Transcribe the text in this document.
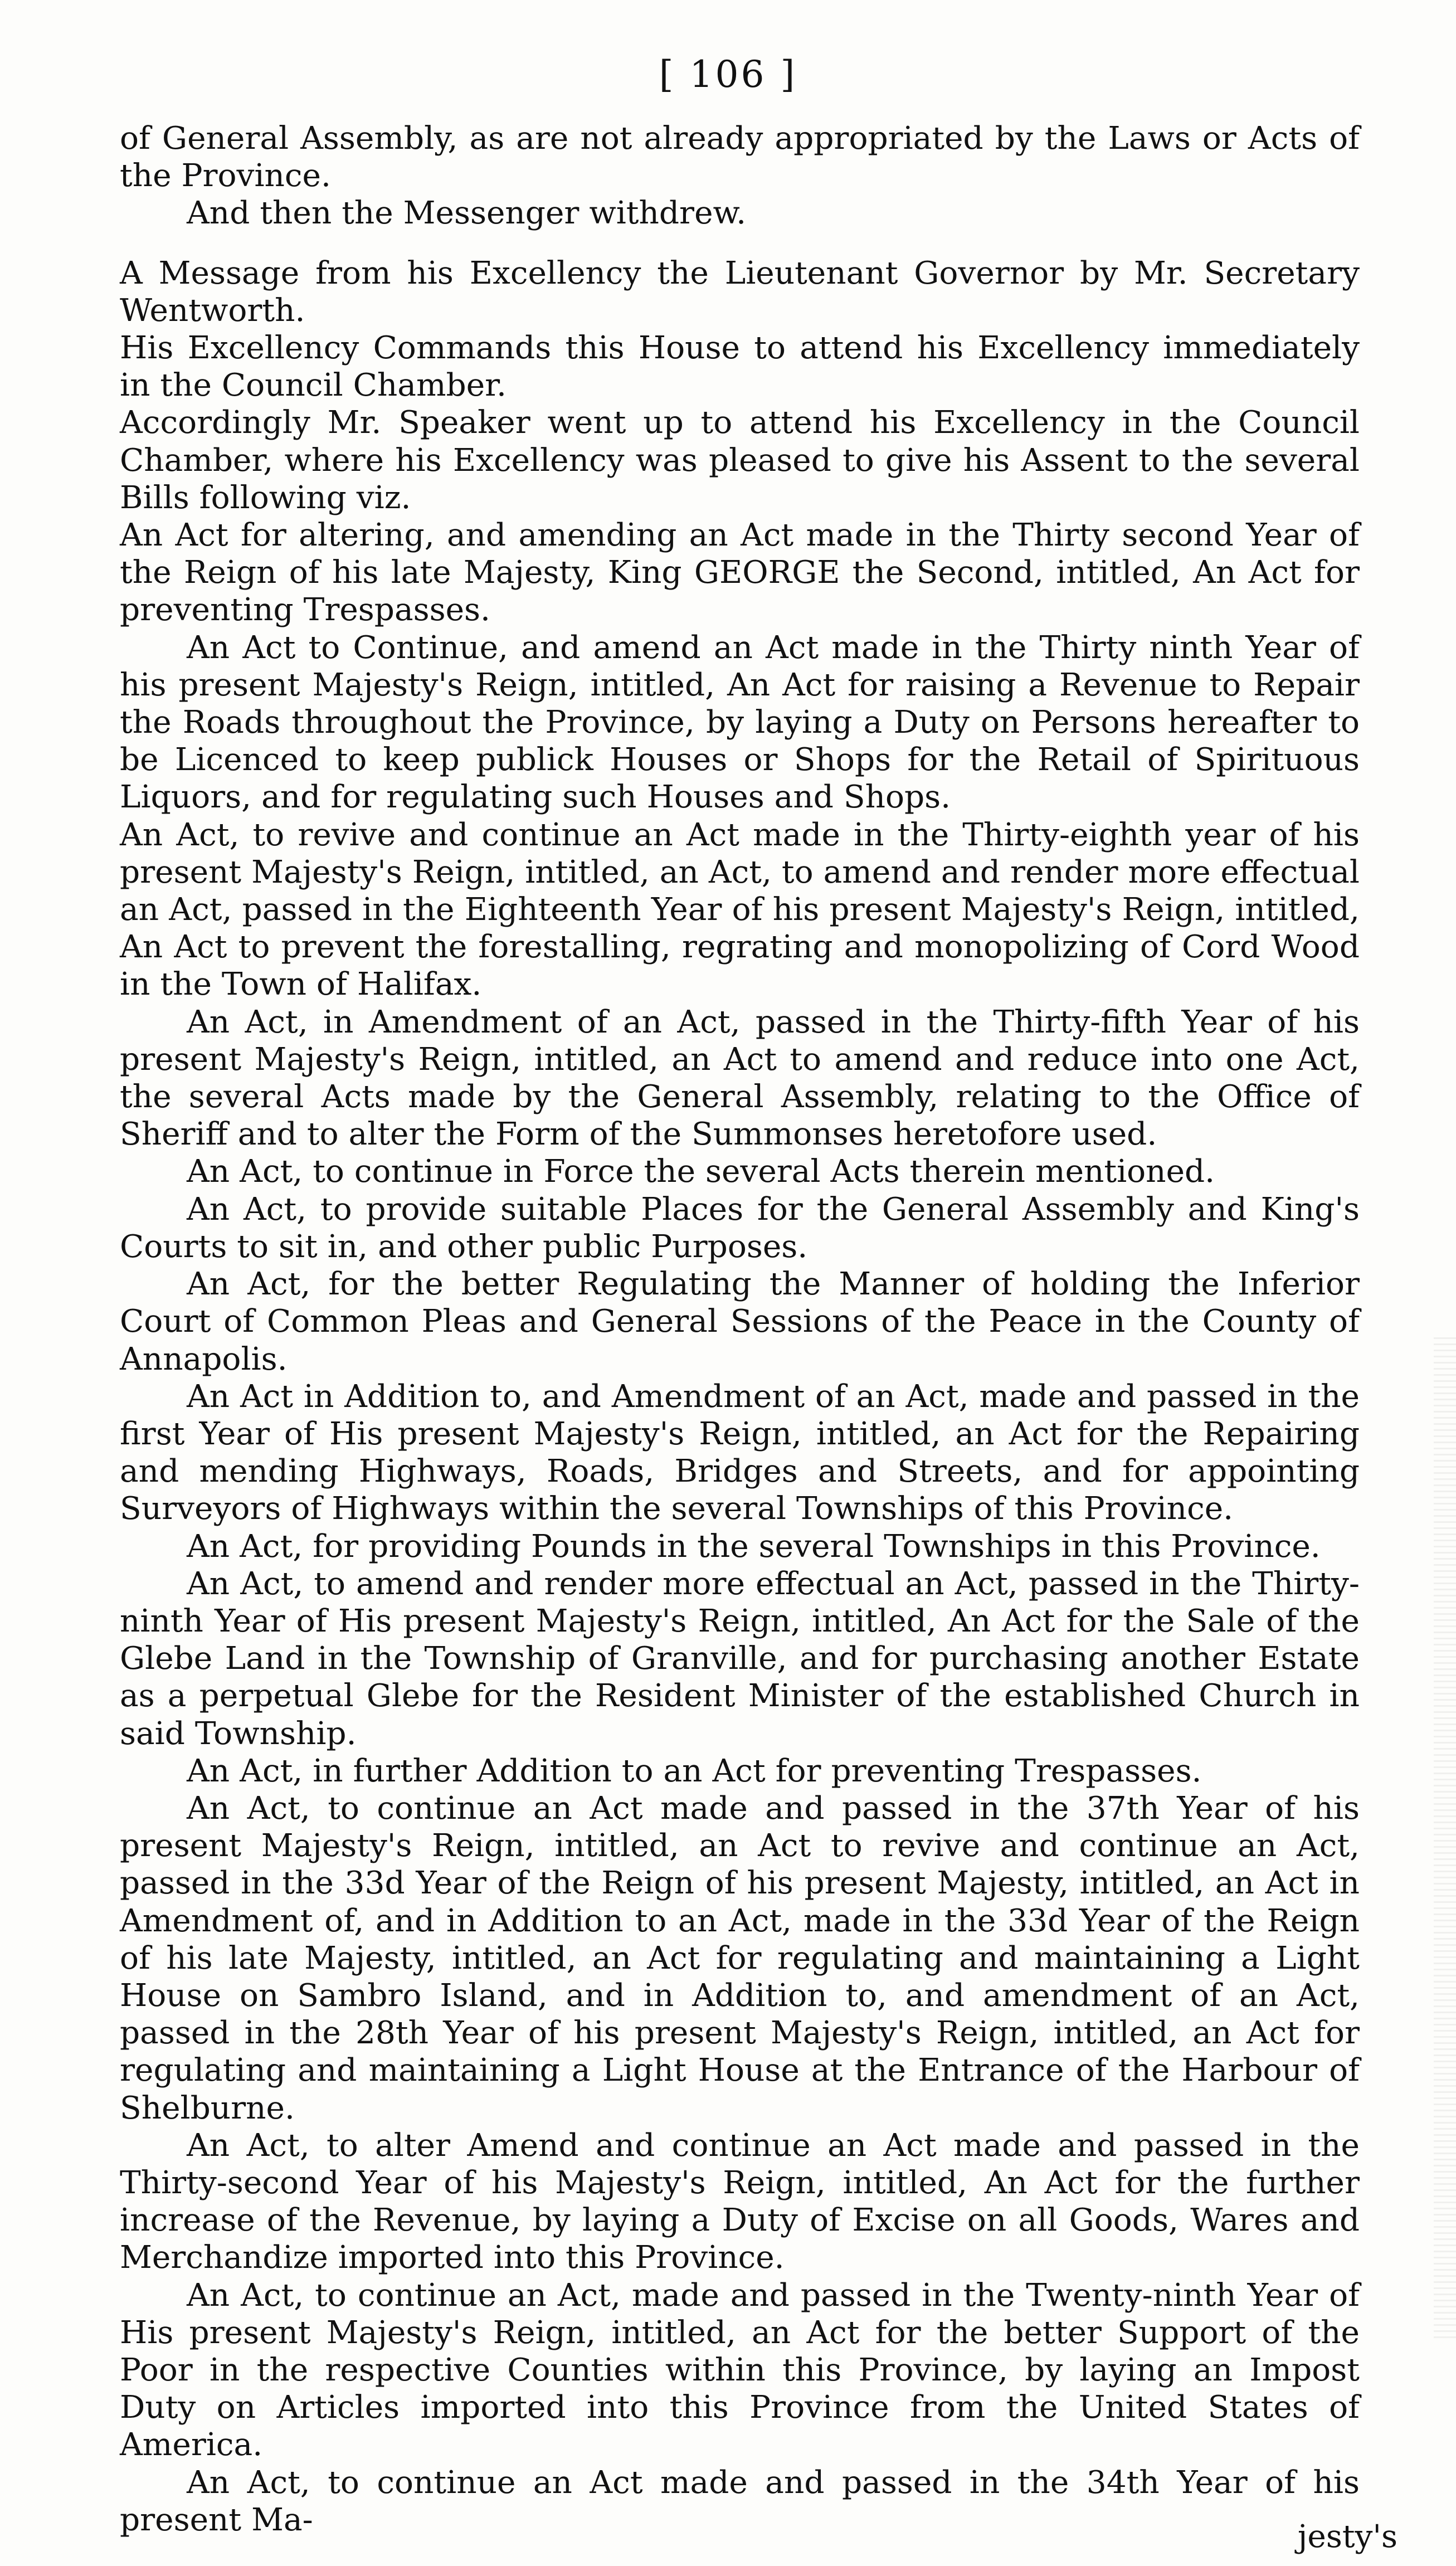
[ 106 ]

of General Assembly, as are not already appropriated by the Laws or Acts of the Province.

And then the Messenger withdrew.

A Message from his Excellency the Lieutenant Governor by Mr. Secretary Wentworth.

His Excellency Commands this House to attend his Excellency immediately in the Council Chamber.

Accordingly Mr. Speaker went up to attend his Excellency in the Council Chamber, where his Excellency was pleased to give his Assent to the several Bills following viz.

An Act for altering, and amending an Act made in the Thirty second Year of the Reign of his late Majesty, King GEORGE the Second, intitled, An Act for preventing Trespasses.

An Act to Continue, and amend an Act made in the Thirty ninth Year of his present Majesty's Reign, intitled, An Act for raising a Revenue to Repair the Roads throughout the Province, by laying a Duty on Persons hereafter to be Licenced to keep publick Houses or Shops for the Retail of Spirituous Liquors, and for regulating such Houses and Shops.

An Act, to revive and continue an Act made in the Thirty-eighth year of his present Majesty's Reign, intitled, an Act, to amend and render more effectual an Act, passed in the Eighteenth Year of his present Majesty's Reign, intitled, An Act to prevent the forestalling, regrating and monopolizing of Cord Wood in the Town of Halifax.

An Act, in Amendment of an Act, passed in the Thirty-fifth Year of his present Majesty's Reign, intitled, an Act to amend and reduce into one Act, the several Acts made by the General Assembly, relating to the Office of Sheriff and to alter the Form of the Summonses heretofore used.

An Act, to continue in Force the several Acts therein mentioned.

An Act, to provide suitable Places for the General Assembly and King's Courts to sit in, and other public Purposes.

An Act, for the better Regulating the Manner of holding the Inferior Court of Common Pleas and General Sessions of the Peace in the County of Annapolis.

An Act in Addition to, and Amendment of an Act, made and passed in the first Year of His present Majesty's Reign, intitled, an Act for the Repairing and mending Highways, Roads, Bridges and Streets, and for appointing Surveyors of Highways within the several Townships of this Province.

An Act, for providing Pounds in the several Townships in this Province.

An Act, to amend and render more effectual an Act, passed in the Thirty-ninth Year of His present Majesty's Reign, intitled, An Act for the Sale of the Glebe Land in the Township of Granville, and for purchasing another Estate as a perpetual Glebe for the Resident Minister of the established Church in said Township.

An Act, in further Addition to an Act for preventing Trespasses.

An Act, to continue an Act made and passed in the 37th Year of his present Majesty's Reign, intitled, an Act to revive and continue an Act, passed in the 33d Year of the Reign of his present Majesty, intitled, an Act in Amendment of, and in Addition to an Act, made in the 33d Year of the Reign of his late Majesty, intitled, an Act for regulating and maintaining a Light House on Sambro Island, and in Addition to, and amendment of an Act, passed in the 28th Year of his present Majesty's Reign, intitled, an Act for regulating and maintaining a Light House at the Entrance of the Harbour of Shelburne.

An Act, to alter Amend and continue an Act made and passed in the Thirty-second Year of his Majesty's Reign, intitled, An Act for the further increase of the Revenue, by laying a Duty of Excise on all Goods, Wares and Merchandize imported into this Province.

An Act, to continue an Act, made and passed in the Twenty-ninth Year of His present Majesty's Reign, intitled, an Act for the better Support of the Poor in the respective Counties within this Province, by laying an Impost Duty on Articles imported into this Province from the United States of America.

An Act, to continue an Act made and passed in the 34th Year of his present Ma-	jesty's
